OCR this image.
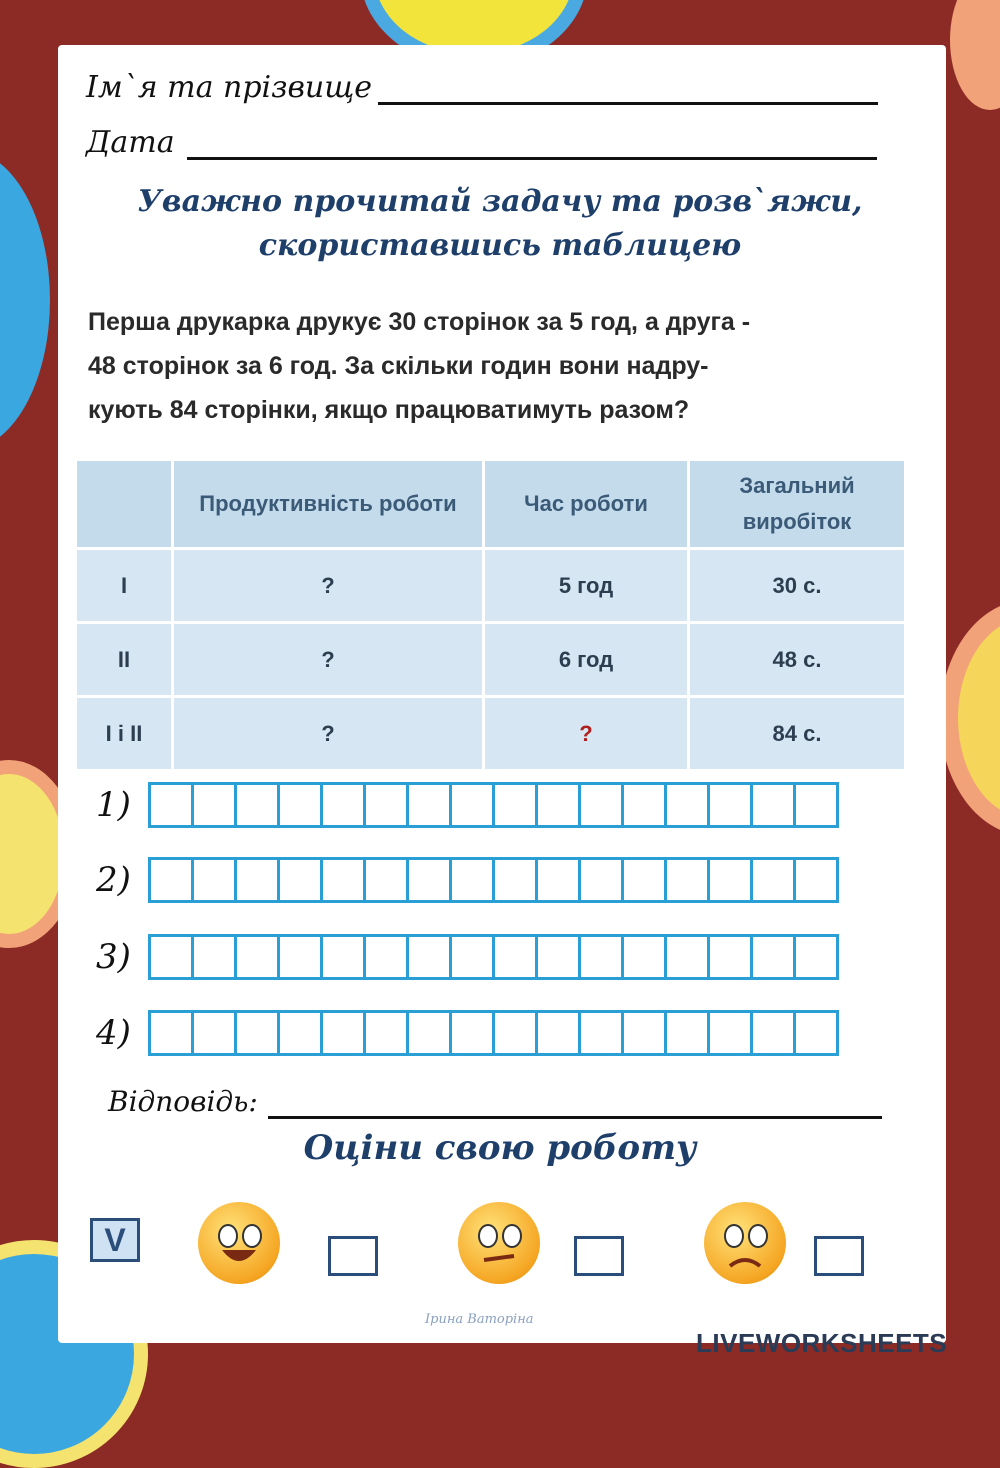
Ім`я та прізвище
Дата
Уважно прочитай задачу та розв`яжи,
скориставшись таблицею
Перша друкарка друкує 30 сторінок за 5 год, а друга -
48 сторінок за 6 год. За скільки годин вони надру-
кують 84 сторінки, якщо працюватимуть разом?
	Продуктивність роботи	Час роботи	Загальний виробіток
I	?	5 год	30 с.
II	?	6 год	48 с.
I і II	?	?	84 с.
1)
2)
3)
4)
Відповідь:
Оціни свою роботу
V
Ірина Ваторіна
LIVEWORKSHEETS
